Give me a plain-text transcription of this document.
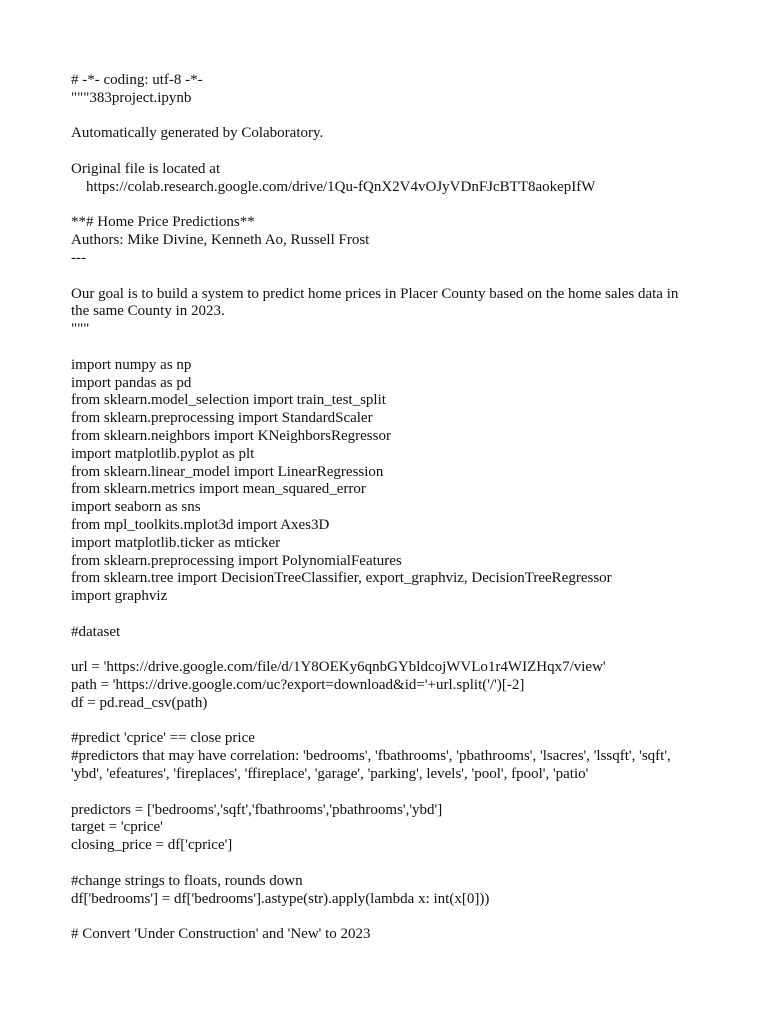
# -*- coding: utf-8 -*-
"""383project.ipynb
Automatically generated by Colaboratory.
Original file is located at
https://colab.research.google.com/drive/1Qu-fQnX2V4vOJyVDnFJcBTT8aokepIfW
**# Home Price Predictions**
Authors: Mike Divine, Kenneth Ao, Russell Frost
---
Our goal is to build a system to predict home prices in Placer County based on the home sales data in the same County in 2023.
"""
import numpy as np
import pandas as pd
from sklearn.model_selection import train_test_split
from sklearn.preprocessing import StandardScaler
from sklearn.neighbors import KNeighborsRegressor
import matplotlib.pyplot as plt
from sklearn.linear_model import LinearRegression
from sklearn.metrics import mean_squared_error
import seaborn as sns
from mpl_toolkits.mplot3d import Axes3D
import matplotlib.ticker as mticker
from sklearn.preprocessing import PolynomialFeatures
from sklearn.tree import DecisionTreeClassifier, export_graphviz, DecisionTreeRegressor
import graphviz
#dataset
url = 'https://drive.google.com/file/d/1Y8OEKy6qnbGYbldcojWVLo1r4WIZHqx7/view'
path = 'https://drive.google.com/uc?export=download&id='+url.split('/')[-2]
df = pd.read_csv(path)
#predict 'cprice' == close price
#predictors that may have correlation: 'bedrooms', 'fbathrooms', 'pbathrooms', 'lsacres', 'lssqft', 'sqft', 'ybd', 'efeatures', 'fireplaces', 'ffireplace', 'garage', 'parking', levels', 'pool', fpool', 'patio'
predictors = ['bedrooms','sqft','fbathrooms','pbathrooms','ybd']
target = 'cprice'
closing_price = df['cprice']
#change strings to floats, rounds down
df['bedrooms'] = df['bedrooms'].astype(str).apply(lambda x: int(x[0]))
# Convert 'Under Construction' and 'New' to 2023
